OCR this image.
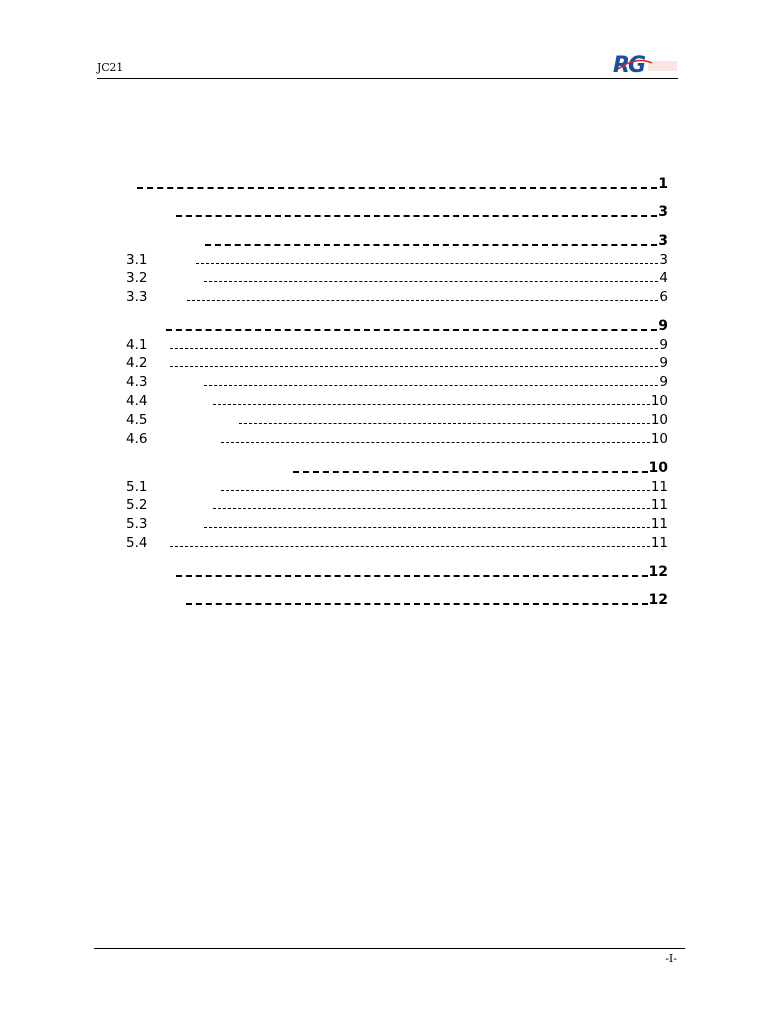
JC21        	RG

1

3

3
3.1      	3
3.2       	4
3.3     	6

9
4.1   	9
4.2   	9
4.3       	9
4.4        	10
4.5           	10
4.6         	10

10
5.1         	11
5.2        	11
5.3       	11
5.4   	11

12

12

-I-
